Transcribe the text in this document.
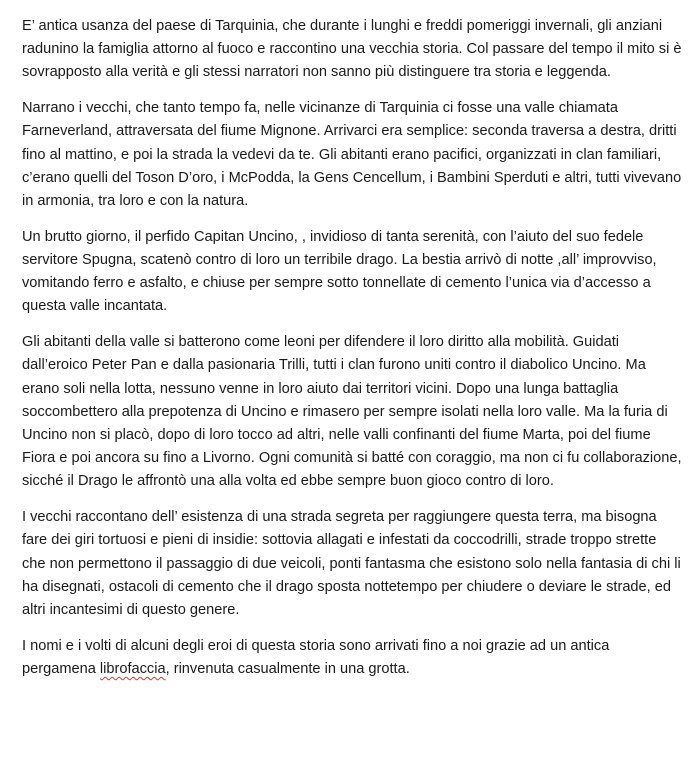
E’ antica usanza del paese di Tarquinia, che durante i lunghi e freddi pomeriggi invernali, gli anziani radunino la famiglia attorno al fuoco e raccontino una vecchia storia. Col passare del tempo il mito si è sovrapposto alla verità e gli stessi narratori non sanno più distinguere tra storia e leggenda.

Narrano i vecchi, che tanto tempo fa, nelle vicinanze di Tarquinia ci fosse una valle chiamata Farneverland, attraversata del fiume Mignone. Arrivarci era semplice: seconda traversa a destra, dritti fino al mattino, e poi la strada la vedevi da te. Gli abitanti erano pacifici, organizzati in clan familiari, c’erano quelli del Toson D’oro, i McPodda, la Gens Cencellum, i Bambini Sperduti e altri, tutti vivevano in armonia, tra loro e con la natura.

Un brutto giorno, il perfido Capitan Uncino, , invidioso di tanta serenità, con l’aiuto del suo fedele servitore Spugna, scatenò contro di loro un terribile drago. La bestia arrivò di notte ,all’ improvviso, vomitando ferro e asfalto, e chiuse per sempre sotto tonnellate di cemento l’unica via d’accesso a questa valle incantata.

Gli abitanti della valle si batterono come leoni per difendere il loro diritto alla mobilità. Guidati dall’eroico Peter Pan e dalla pasionaria Trilli, tutti i clan furono uniti contro il diabolico Uncino. Ma erano soli nella lotta, nessuno venne in loro aiuto dai territori vicini. Dopo una lunga battaglia soccombettero alla prepotenza di Uncino e rimasero per sempre isolati nella loro valle. Ma la furia di Uncino non si placò, dopo di loro tocco ad altri, nelle valli confinanti del fiume Marta, poi del fiume Fiora e poi ancora su fino a Livorno. Ogni comunità si batté con coraggio, ma non ci fu collaborazione, sicché il Drago le affrontò una alla volta ed ebbe sempre buon gioco contro di loro.

I vecchi raccontano dell’ esistenza di una strada segreta per raggiungere questa terra, ma bisogna fare dei giri tortuosi e pieni di insidie: sottovia allagati e infestati da coccodrilli, strade troppo strette che non permettono il passaggio di due veicoli, ponti fantasma che esistono solo nella fantasia di chi li ha disegnati, ostacoli di cemento che il drago sposta nottetempo per chiudere o deviare le strade, ed altri incantesimi di questo genere.

I nomi e i volti di alcuni degli eroi di questa storia sono arrivati fino a noi grazie ad un antica pergamena librofaccia, rinvenuta casualmente in una grotta.
